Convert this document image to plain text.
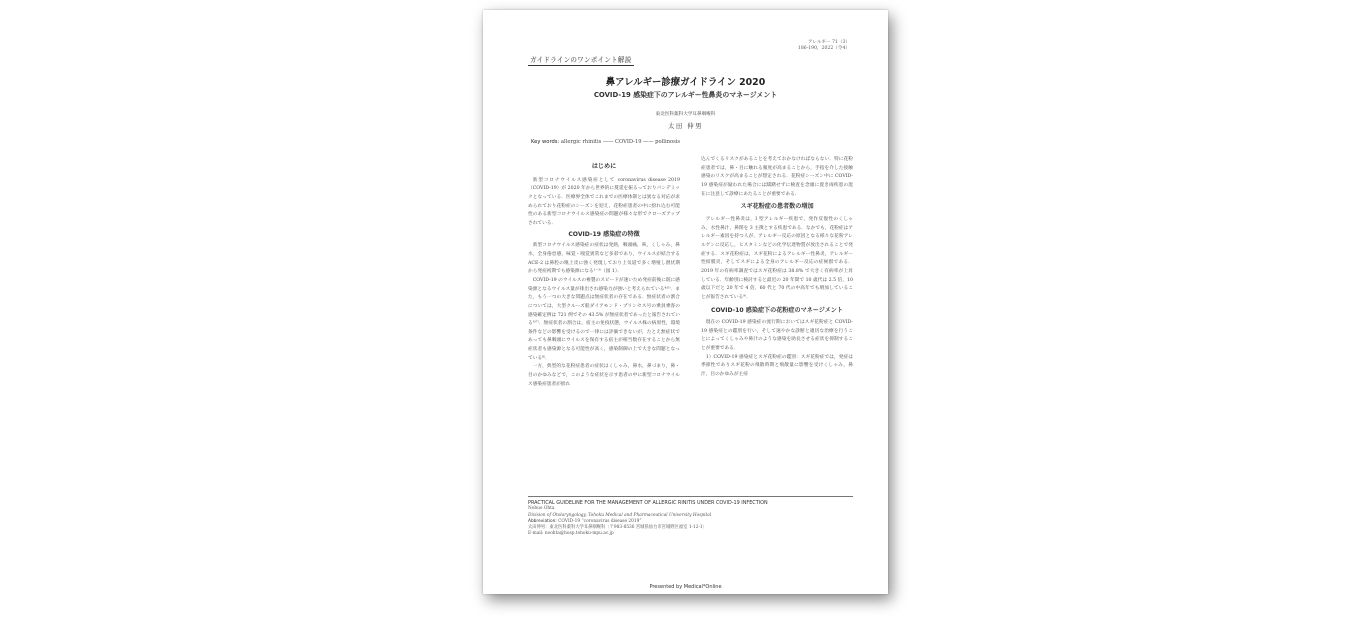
アレルギー 71（3）
186-190，2022（令4）
ガイドラインのワンポイント解説
鼻アレルギー診療ガイドライン 2020
COVID-19 感染症下のアレルギー性鼻炎のマネージメント
東北医科薬科大学耳鼻咽喉科
太田 伸男
Key words: allergic rhinitis —— COVID-19 —— pollinosis
はじめに

新型コロナウイルス感染症として coronavirus disease 2019（COVID-19）が 2020 年から世界的に蔓延を振るっておりパンデミックとなっている．医療界全体でこれまでの医療体制とは異なる対応が求められており花粉症のシーズンを迎え，花粉症患者の中に紛れ込む可能性のある新型コロナウイルス感染症の問題が様々な形でクローズアップされている．

COVID-19 感染症の特徴

新型コロナウイルス感染症の症状は発熱，咽頭痛，咳，くしゃみ，鼻水，全身倦怠感，味覚・嗅覚異常など多彩であり，ウイルスが結合する ACE-2 は鼻腔の嗅上皮に強く発現しており上気道で多く増殖し潜伏期から発症初期でも感染源になる¹⁻³⁾（図 1）．

COVID-19 のウイルスの複製のスピードが速いため発症前後に既に感染源となるウイルス量が排出され感染力が強いと考えられている⁴⁾⁵⁾．また，もう一つの大きな問題点は無症状者の存在である．無症状者の割合については，大型クルーズ船ダイアモンド・プリンセス号の乗員乗客の感染確定例は 721 例でその 43.5% が無症状者であったと報告されている⁶⁾⁷⁾．無症状者の割合は，宿主の免疫状態，ウイルス株の病原性，環境条件などの影響を受けるので一律には評価できないが，たとえ無症状であっても鼻咽頭にウイルスを保有する宿主が相当数存在することから無症状者も感染源となる可能性が高く，感染制御の上で大きな問題となっている⁸⁾．

一方，典型的な花粉症患者の症状はくしゃみ，鼻水，鼻づまり，鼻・目のかゆみなどで，このような症状を示す患者の中に新型コロナウイルス感染症患者が紛れ

込んでくるリスクがあることを考えておかなければならない．特に花粉症患者では，鼻・目に触れる頻度が高まることから，手指を介した接触感染のリスクが高まることが想定される．花粉症シーズン中に COVID-19 感染症が疑われた場合には躊躇せずに検査を念頭に置き両疾患の混在に注意して診療にあたることが重要である．

スギ花粉症の患者数の増加

アレルギー性鼻炎は，I 型アレルギー疾患で，発作反復性のくしゃみ，水性鼻汁，鼻閉を 3 主徴とする疾患である．なかでも，花粉症はアレルギー素因を持つ人が，アレルギー反応の原因となる様々な花粉アレルゲンに反応し，ヒスタミンなどの化学伝達物質が放出されることで発症する．スギ花粉症は，スギ花粉によるアレルギー性鼻炎，アレルギー性結膜炎，そしてスギによる全身のアレルギー反応の症候群である．2019 年の有病率調査ではスギ花粉症は 38.8% で大きく有病率が上昇している．年齢別に検討すると最近の 20 年間で 10 歳代は 2.5 倍，10 歳以下だと 20 年で 4 倍，60 代と 70 代の中高年でも増加していることが報告されている⁹⁾．

COVID-10 感染症下の花粉症のマネージメント

現在の COVID-19 感染症の流行期においてはスギ花粉症と COVID-19 感染症との鑑別を行い，そして速やかな診断と適切な治療を行うことによってくしゃみや鼻汁のような感染を助長させる症状を抑制することが重要である．

1）COVID-19 感染症とスギ花粉症の鑑別：スギ花粉症では，発症は季節性でありスギ花粉の飛散時期と飛散量に影響を受けくしゃみ，鼻汁，目のかゆみが主症

PRACTICAL GUIDELINE FOR THE MANAGEMENT OF ALLERGIC RINITIS UNDER COVID-19 INFECTION
Nobuo Ohta
Division of Otolaryngology, Tohoku Medical and Pharmaceutical University Hospital
Abbreviation: COVID-19 “coronavirus disease 2019”
太田伸男：東北医科薬科大学耳鼻咽喉科〔〒983-8536 宮城県仙台市宮城野区福室 1-12-1〕
E-mail: noohta@hosp.tohoku-mpu.ac.jp
Presented by Medical*Online
